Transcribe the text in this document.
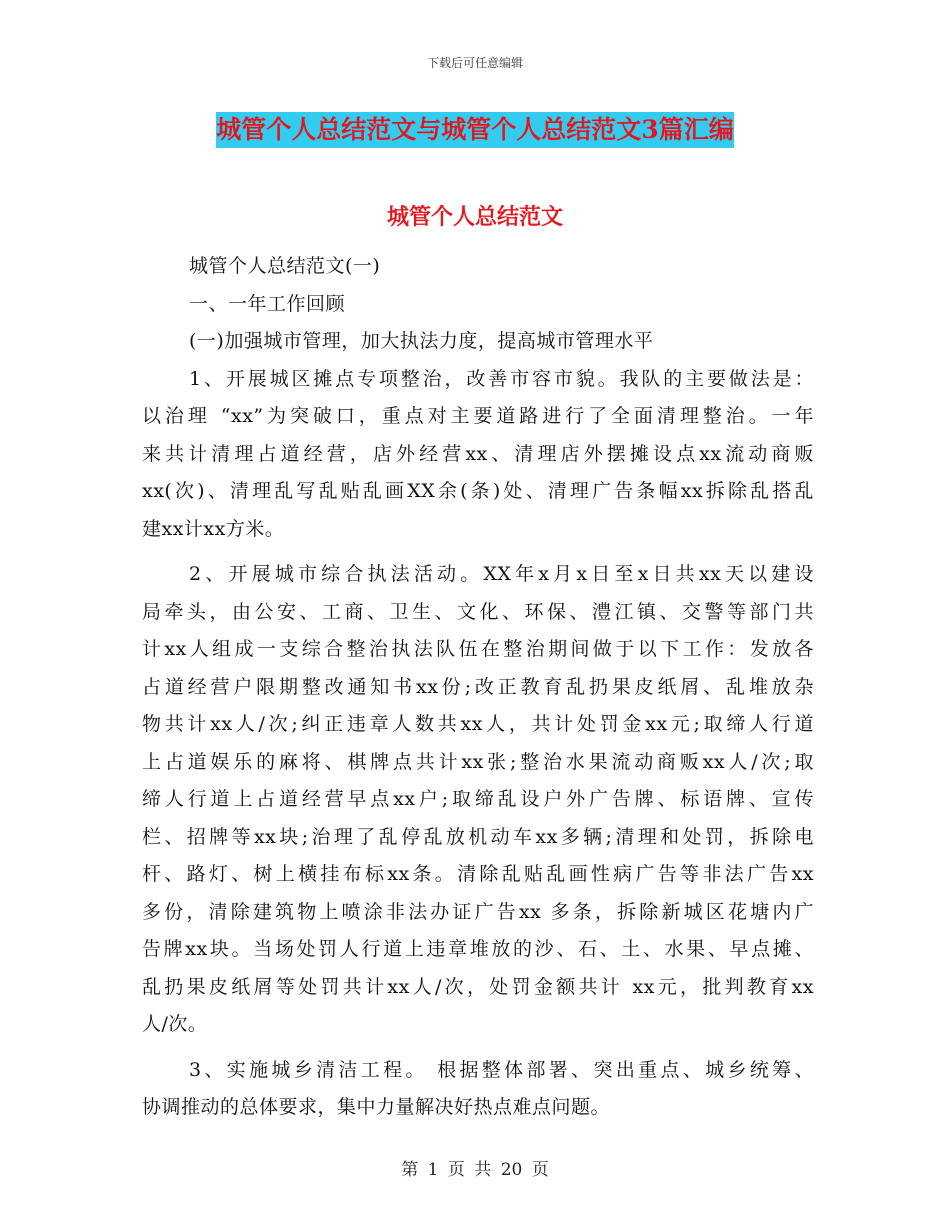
下载后可任意编辑
城管个人总结范文与城管个人总结范文3篇汇编
城管个人总结范文
城管个人总结范文(一)
一、一年工作回顾
(一)加强城市管理，加大执法力度，提高城市管理水平
1、开展城区摊点专项整治，改善市容市貌。我队的主要做法是：
以治理 “xx”为突破口，重点对主要道路进行了全面清理整治。一年
来共计清理占道经营，店外经营xx、清理店外摆摊设点xx流动商贩
xx(次)、清理乱写乱贴乱画XX余(条)处、清理广告条幅xx拆除乱搭乱
建xx计xx方米。
2、开展城市综合执法活动。XX年x月x日至x日共xx天以建设
局牵头，由公安、工商、卫生、文化、环保、澧江镇、交警等部门共
计xx人组成一支综合整治执法队伍在整治期间做于以下工作：发放各
占道经营户限期整改通知书xx份;改正教育乱扔果皮纸屑、乱堆放杂
物共计xx人/次;纠正违章人数共xx人，共计处罚金xx元;取缔人行道
上占道娱乐的麻将、棋牌点共计xx张;整治水果流动商贩xx人/次;取
缔人行道上占道经营早点xx户;取缔乱设户外广告牌、标语牌、宣传
栏、招牌等xx块;治理了乱停乱放机动车xx多辆;清理和处罚，拆除电
杆、路灯、树上横挂布标xx条。清除乱贴乱画性病广告等非法广告xx
多份，清除建筑物上喷涂非法办证广告xx 多条，拆除新城区花塘内广
告牌xx块。当场处罚人行道上违章堆放的沙、石、土、水果、早点摊、
乱扔果皮纸屑等处罚共计xx人/次，处罚金额共计 xx元，批判教育xx
人/次。
3、实施城乡清洁工程。 根据整体部署、突出重点、城乡统筹、
协调推动的总体要求，集中力量解决好热点难点问题。
第 1 页 共 20 页
